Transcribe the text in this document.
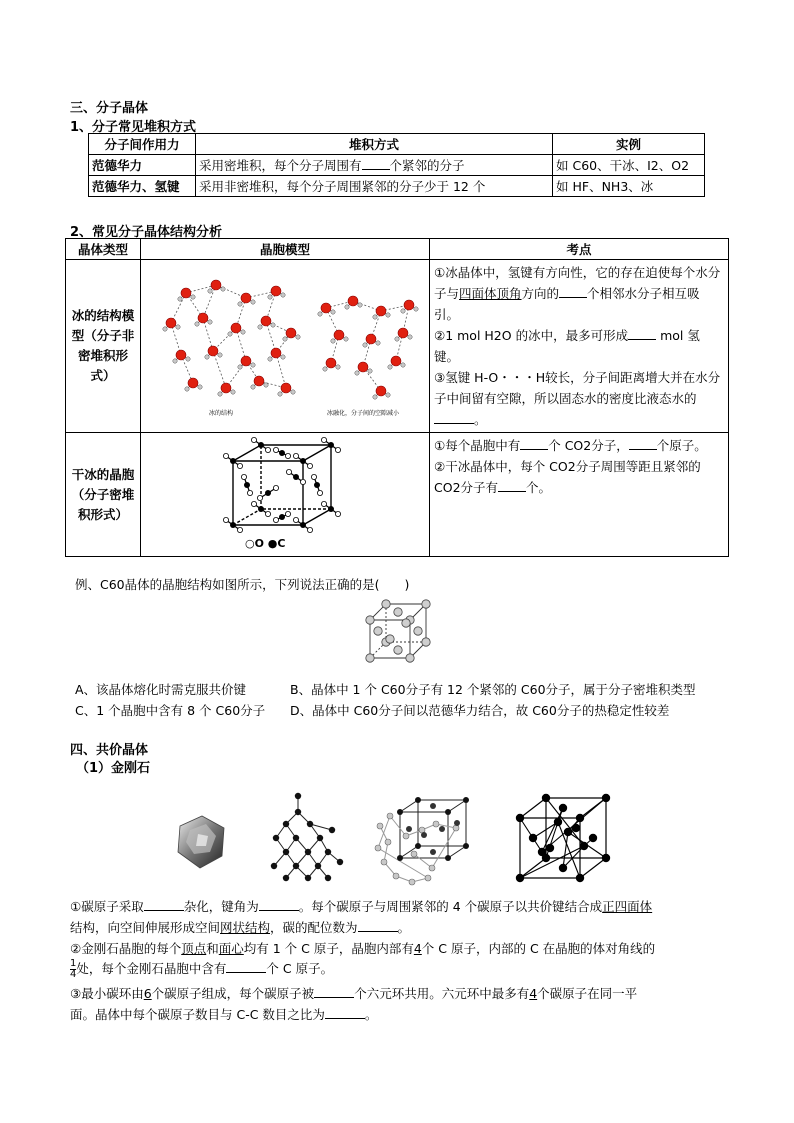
三、分子晶体
1、分子常见堆积方式
分子间作用力	堆积方式	实例
范德华力	采用密堆积，每个分子周围有 个紧邻的分子	如 C60、干冰、I2、O2
范德华力、氢键	采用非密堆积，每个分子周围紧邻的分子少于 12 个	如 HF、NH3、冰
2、常见分子晶体结构分析
晶体类型	晶胞模型	考点
冰的结构模型（分子非密堆积形式）	冰的结构 冰融化，分子间的空隙减小	①冰晶体中，氢键有方向性，它的存在迫使每个水分子与四面体顶角方向的 个相邻水分子相互吸引。
②1 mol H2O 的冰中，最多可形成 mol 氢键。
③氢键 H-O・・・H较长，分子间距离增大并在水分子中间留有空隙，所以固态水的密度比液态水的。
干冰的晶胞（分子密堆积形式）	○O ●C	①每个晶胞中有 个 CO2分子， 个原子。
②干冰晶体中，每个 CO2分子周围等距且紧邻的 CO2分子有 个。
例、C60晶体的晶胞结构如图所示，下列说法正确的是(　　)
A、该晶体熔化时需克服共价键	B、晶体中 1 个 C60分子有 12 个紧邻的 C60分子，属于分子密堆积类型
C、1 个晶胞中含有 8 个 C60分子 D、晶体中 C60分子间以范德华力结合，故 C60分子的热稳定性较差
四、共价晶体
（1）金刚石
①碳原子采取	杂化，键角为	。每个碳原子与周围紧邻的 4 个碳原子以共价键结合成正四面体
结构，向空间伸展形成空间网状结构，碳的配位数为	。
②金刚石晶胞的每个顶点和面心均有 1 个 C 原子，晶胞内部有4个 C 原子，内部的 C 在晶胞的体对角线的
$\frac{1}{4}$ 处，每个金刚石晶胞中含有	个 C 原子。
③最小碳环由6个碳原子组成，每个碳原子被	个六元环共用。六元环中最多有4个碳原子在同一平
面。晶体中每个碳原子数目与 C-C 数目之比为	。
